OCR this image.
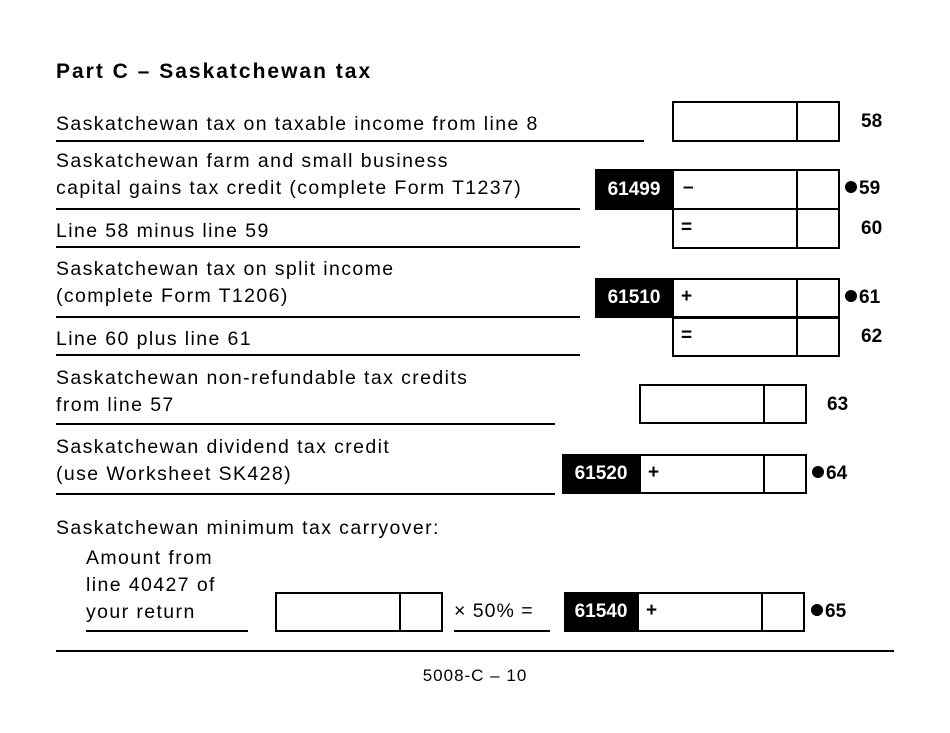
Part C – Saskatchewan tax
Saskatchewan tax on taxable income from line 8	58
Saskatchewan farm and small business
capital gains tax credit (complete Form T1237)	61499	–	59
Line 58 minus line 59	=	60
Saskatchewan tax on split income
(complete Form T1206)	61510	+	61
Line 60 plus line 61	=	62
Saskatchewan non-refundable tax credits
from line 57	63
Saskatchewan dividend tax credit
(use Worksheet SK428)	61520	+	64
Saskatchewan minimum tax carryover:
Amount from
line 40427 of
your return	× 50% =	61540 +	65
5008-C – 10
